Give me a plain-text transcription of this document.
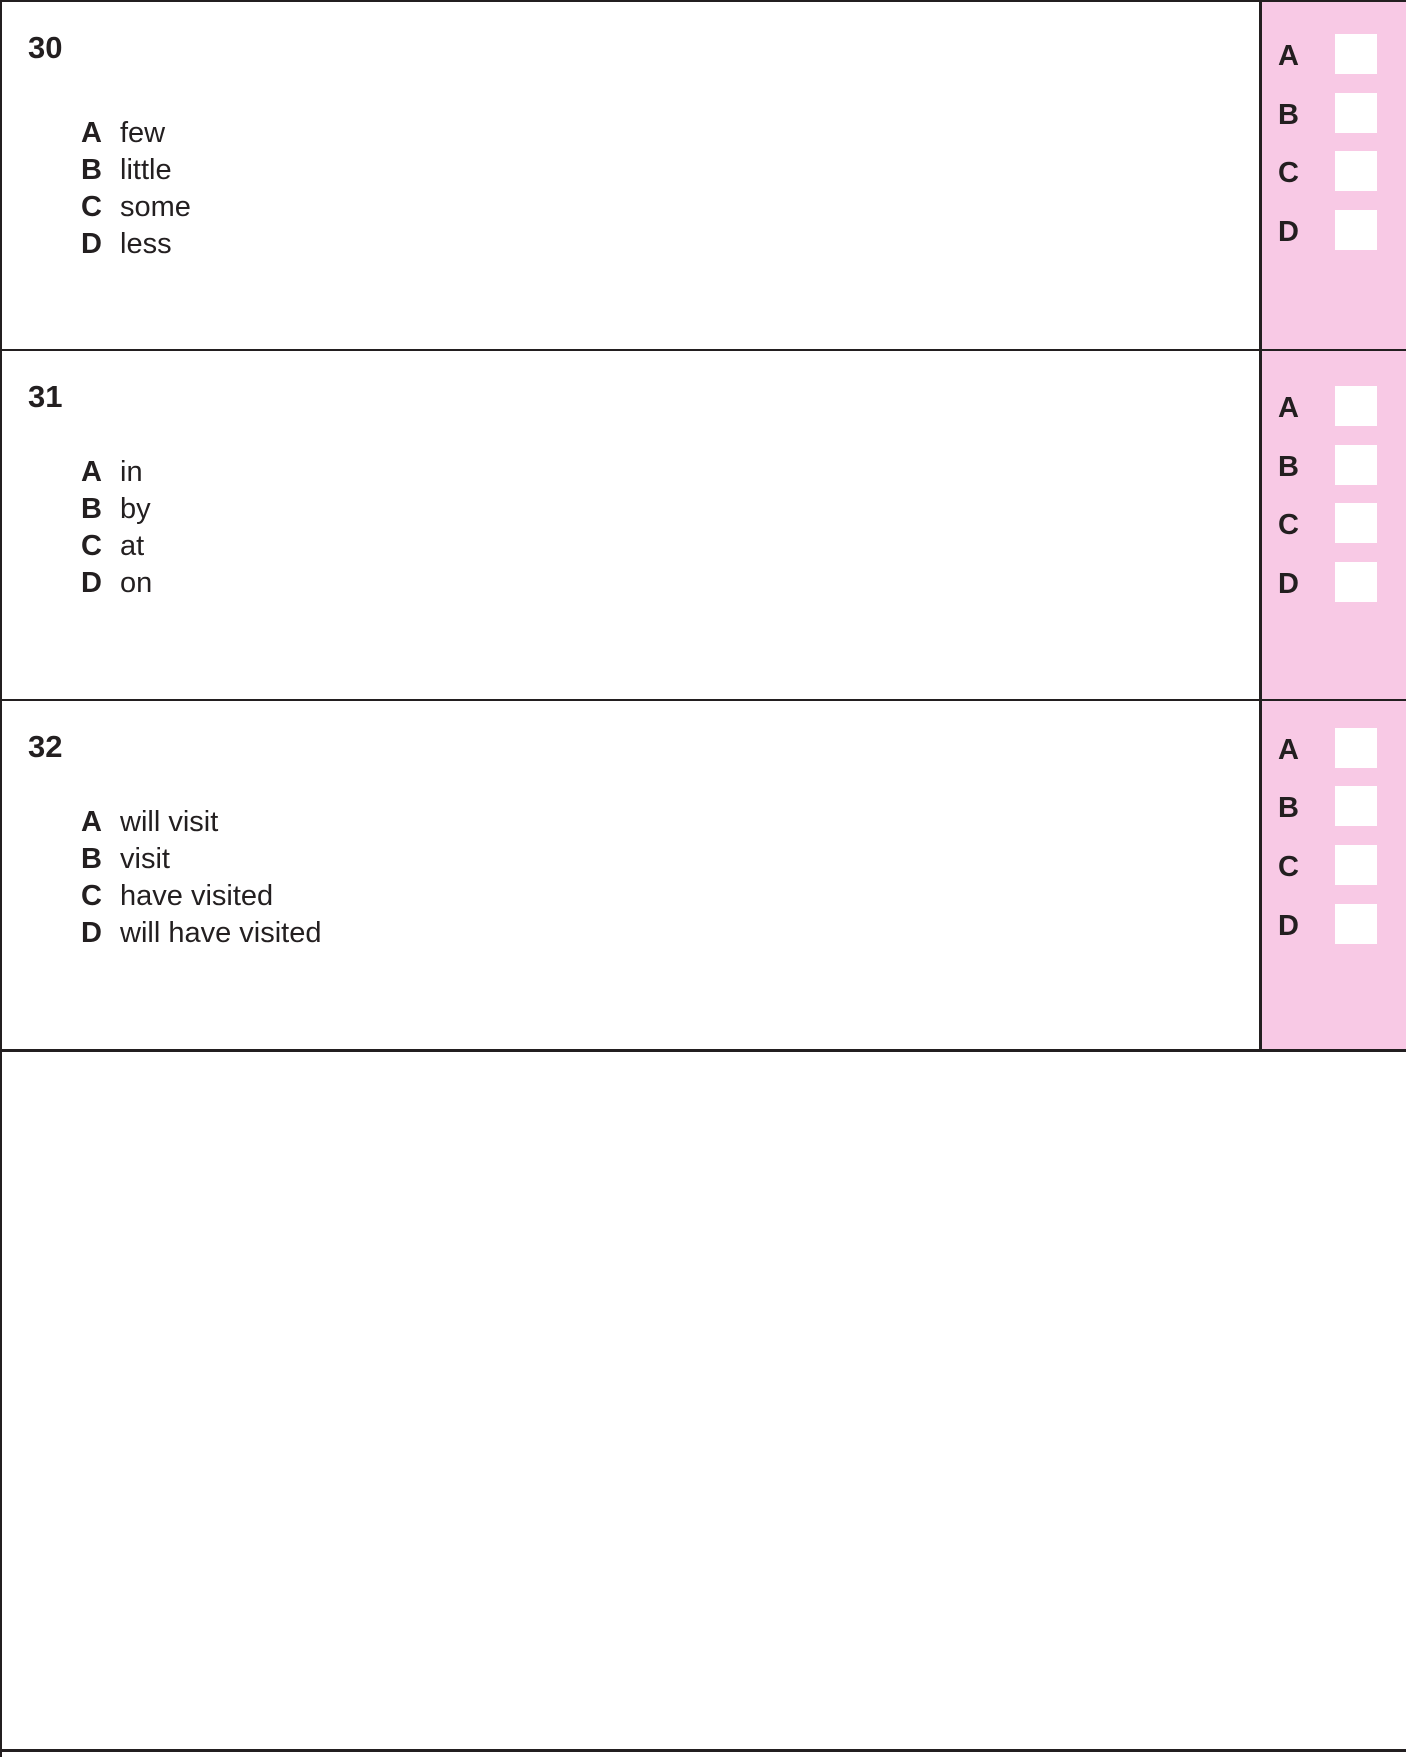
30
A few
B little
C some
D less
A
B
C
D
31
A in
B by
C at
D on
A
B
C
D
32
A will visit
B visit
C have visited
D will have visited
A
B
C
D
